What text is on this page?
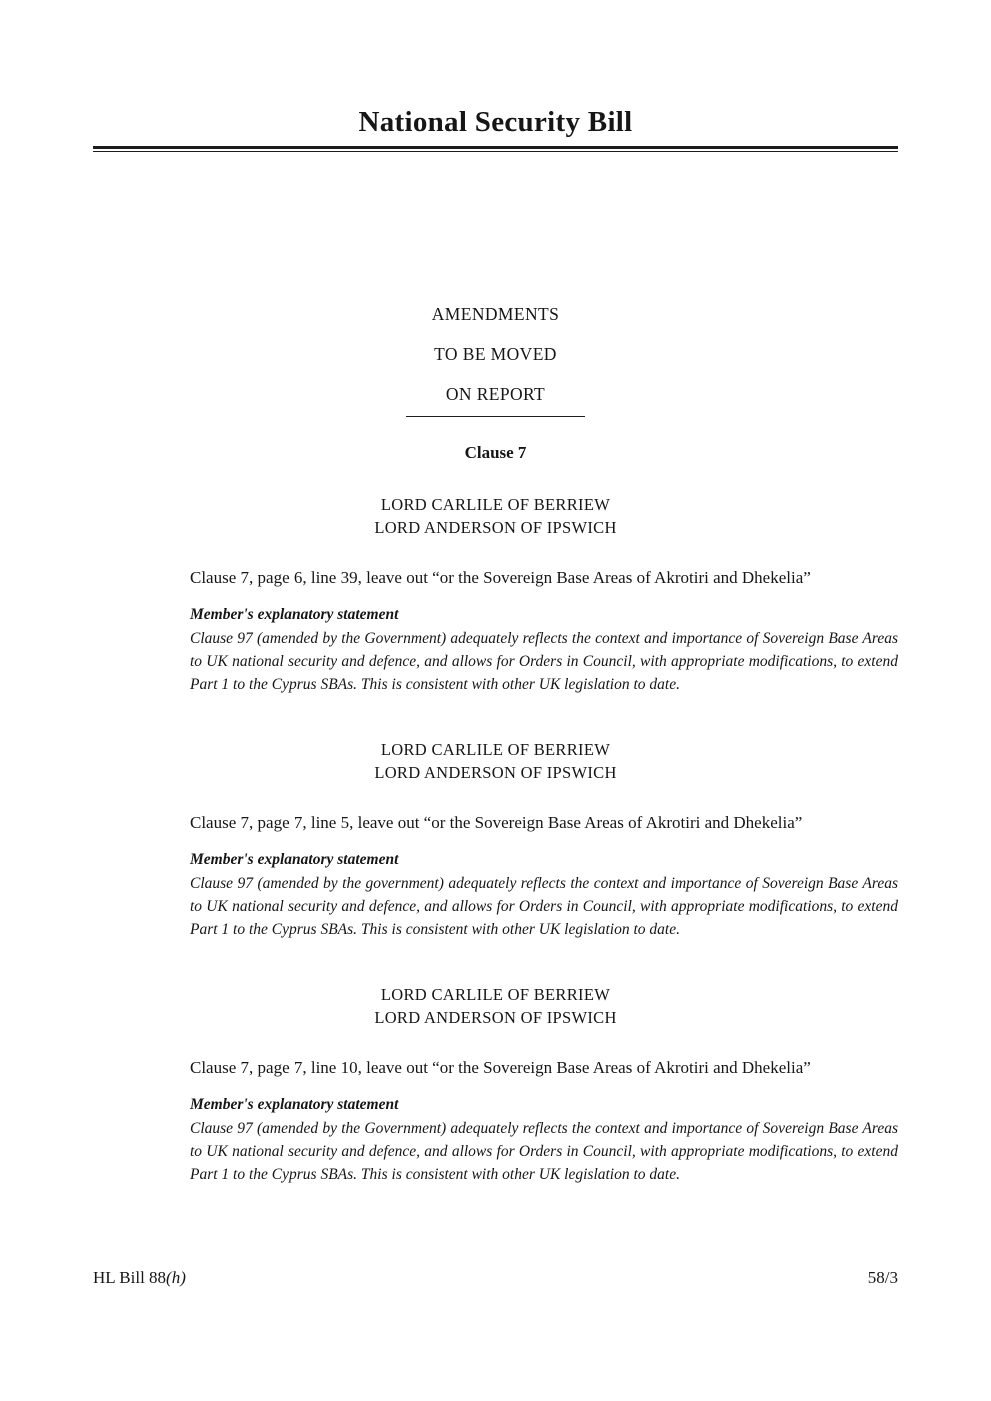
National Security Bill
AMENDMENTS
TO BE MOVED
ON REPORT
Clause 7
LORD CARLILE OF BERRIEW
LORD ANDERSON OF IPSWICH

Clause 7, page 6, line 39, leave out “or the Sovereign Base Areas of Akrotiri and Dhekelia”

Member's explanatory statement

Clause 97 (amended by the Government) adequately reflects the context and importance of Sovereign Base Areas to UK national security and defence, and allows for Orders in Council, with appropriate modifications, to extend Part 1 to the Cyprus SBAs. This is consistent with other UK legislation to date.

LORD CARLILE OF BERRIEW
LORD ANDERSON OF IPSWICH

Clause 7, page 7, line 5, leave out “or the Sovereign Base Areas of Akrotiri and Dhekelia”

Member's explanatory statement

Clause 97 (amended by the government) adequately reflects the context and importance of Sovereign Base Areas to UK national security and defence, and allows for Orders in Council, with appropriate modifications, to extend Part 1 to the Cyprus SBAs. This is consistent with other UK legislation to date.

LORD CARLILE OF BERRIEW
LORD ANDERSON OF IPSWICH

Clause 7, page 7, line 10, leave out “or the Sovereign Base Areas of Akrotiri and Dhekelia”

Member's explanatory statement

Clause 97 (amended by the Government) adequately reflects the context and importance of Sovereign Base Areas to UK national security and defence, and allows for Orders in Council, with appropriate modifications, to extend Part 1 to the Cyprus SBAs. This is consistent with other UK legislation to date.

HL Bill 88(h)	58/3
